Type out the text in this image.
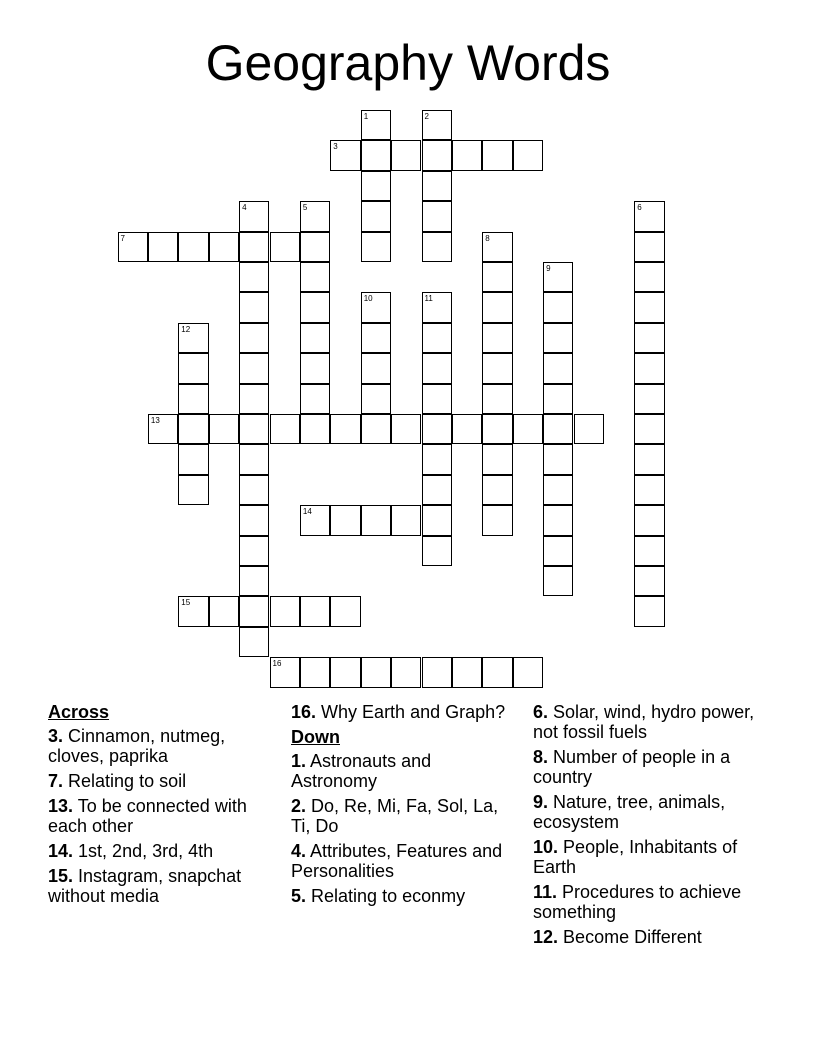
Geography Words
3
7
13
14
15
16
1	2
4	5	6
8
9
10	11
12
Across
3. Cinnamon, nutmeg, cloves, paprika
7. Relating to soil
13. To be connected with each other
14. 1st, 2nd, 3rd, 4th
15. Instagram, snapchat without media
16. Why Earth and Graph?
Down
1. Astronauts and Astronomy
2. Do, Re, Mi, Fa, Sol, La, Ti, Do
4. Attributes, Features and Personalities
5. Relating to econmy
6. Solar, wind, hydro power, not fossil fuels
8. Number of people in a country
9. Nature, tree, animals, ecosystem
10. People, Inhabitants of Earth
11. Procedures to achieve something
12. Become Different
